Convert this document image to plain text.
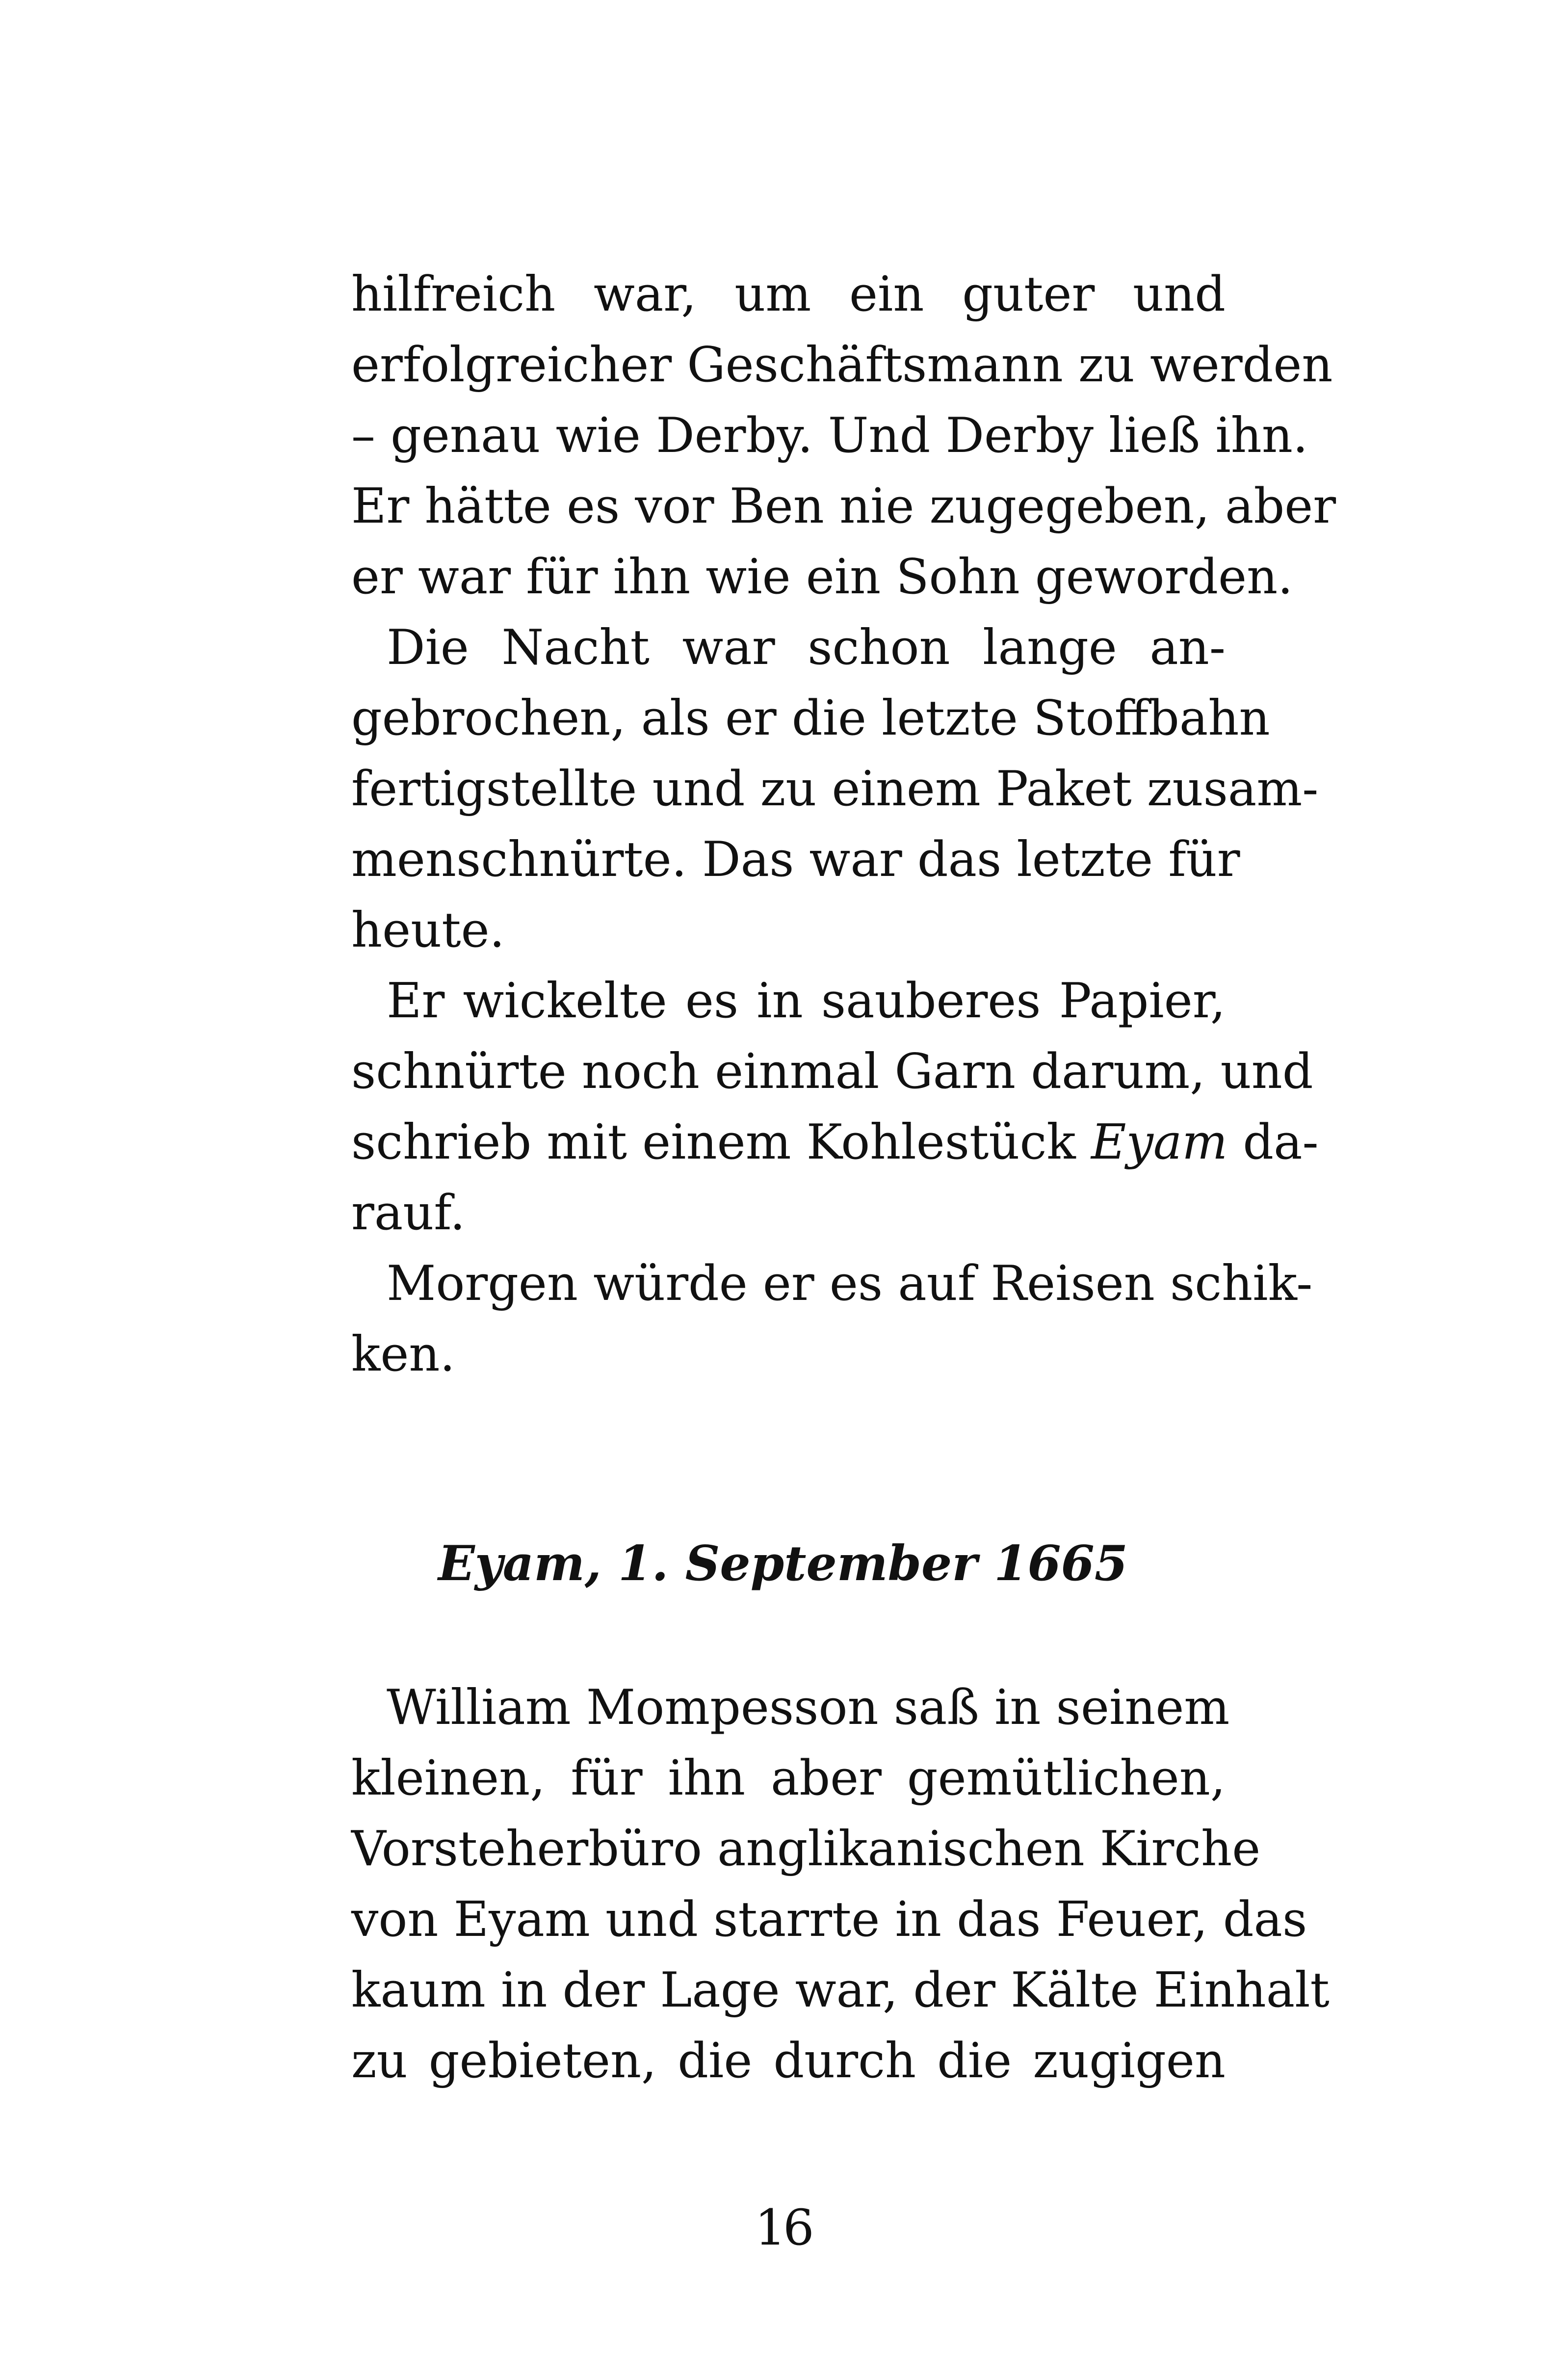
hilfreich war, um ein guter und
erfolgreicher Geschäftsmann zu werden
– genau wie Derby. Und Derby ließ ihn.
Er hätte es vor Ben nie zugegeben, aber
er war für ihn wie ein Sohn geworden.
Die Nacht war schon lange an-
gebrochen, als er die letzte Stoffbahn
fertigstellte und zu einem Paket zusam-
menschnürte. Das war das letzte für
heute.
Er wickelte es in sauberes Papier,
schnürte noch einmal Garn darum, und
schrieb mit einem Kohlestück Eyam da-
rauf.
Morgen würde er es auf Reisen schik-
ken.
Eyam, 1. September 1665
William Mompesson saß in seinem
kleinen, für ihn aber gemütlichen,
Vorsteherbüro anglikanischen Kirche
von Eyam und starrte in das Feuer, das
kaum in der Lage war, der Kälte Einhalt
zu gebieten, die durch die zugigen
16
